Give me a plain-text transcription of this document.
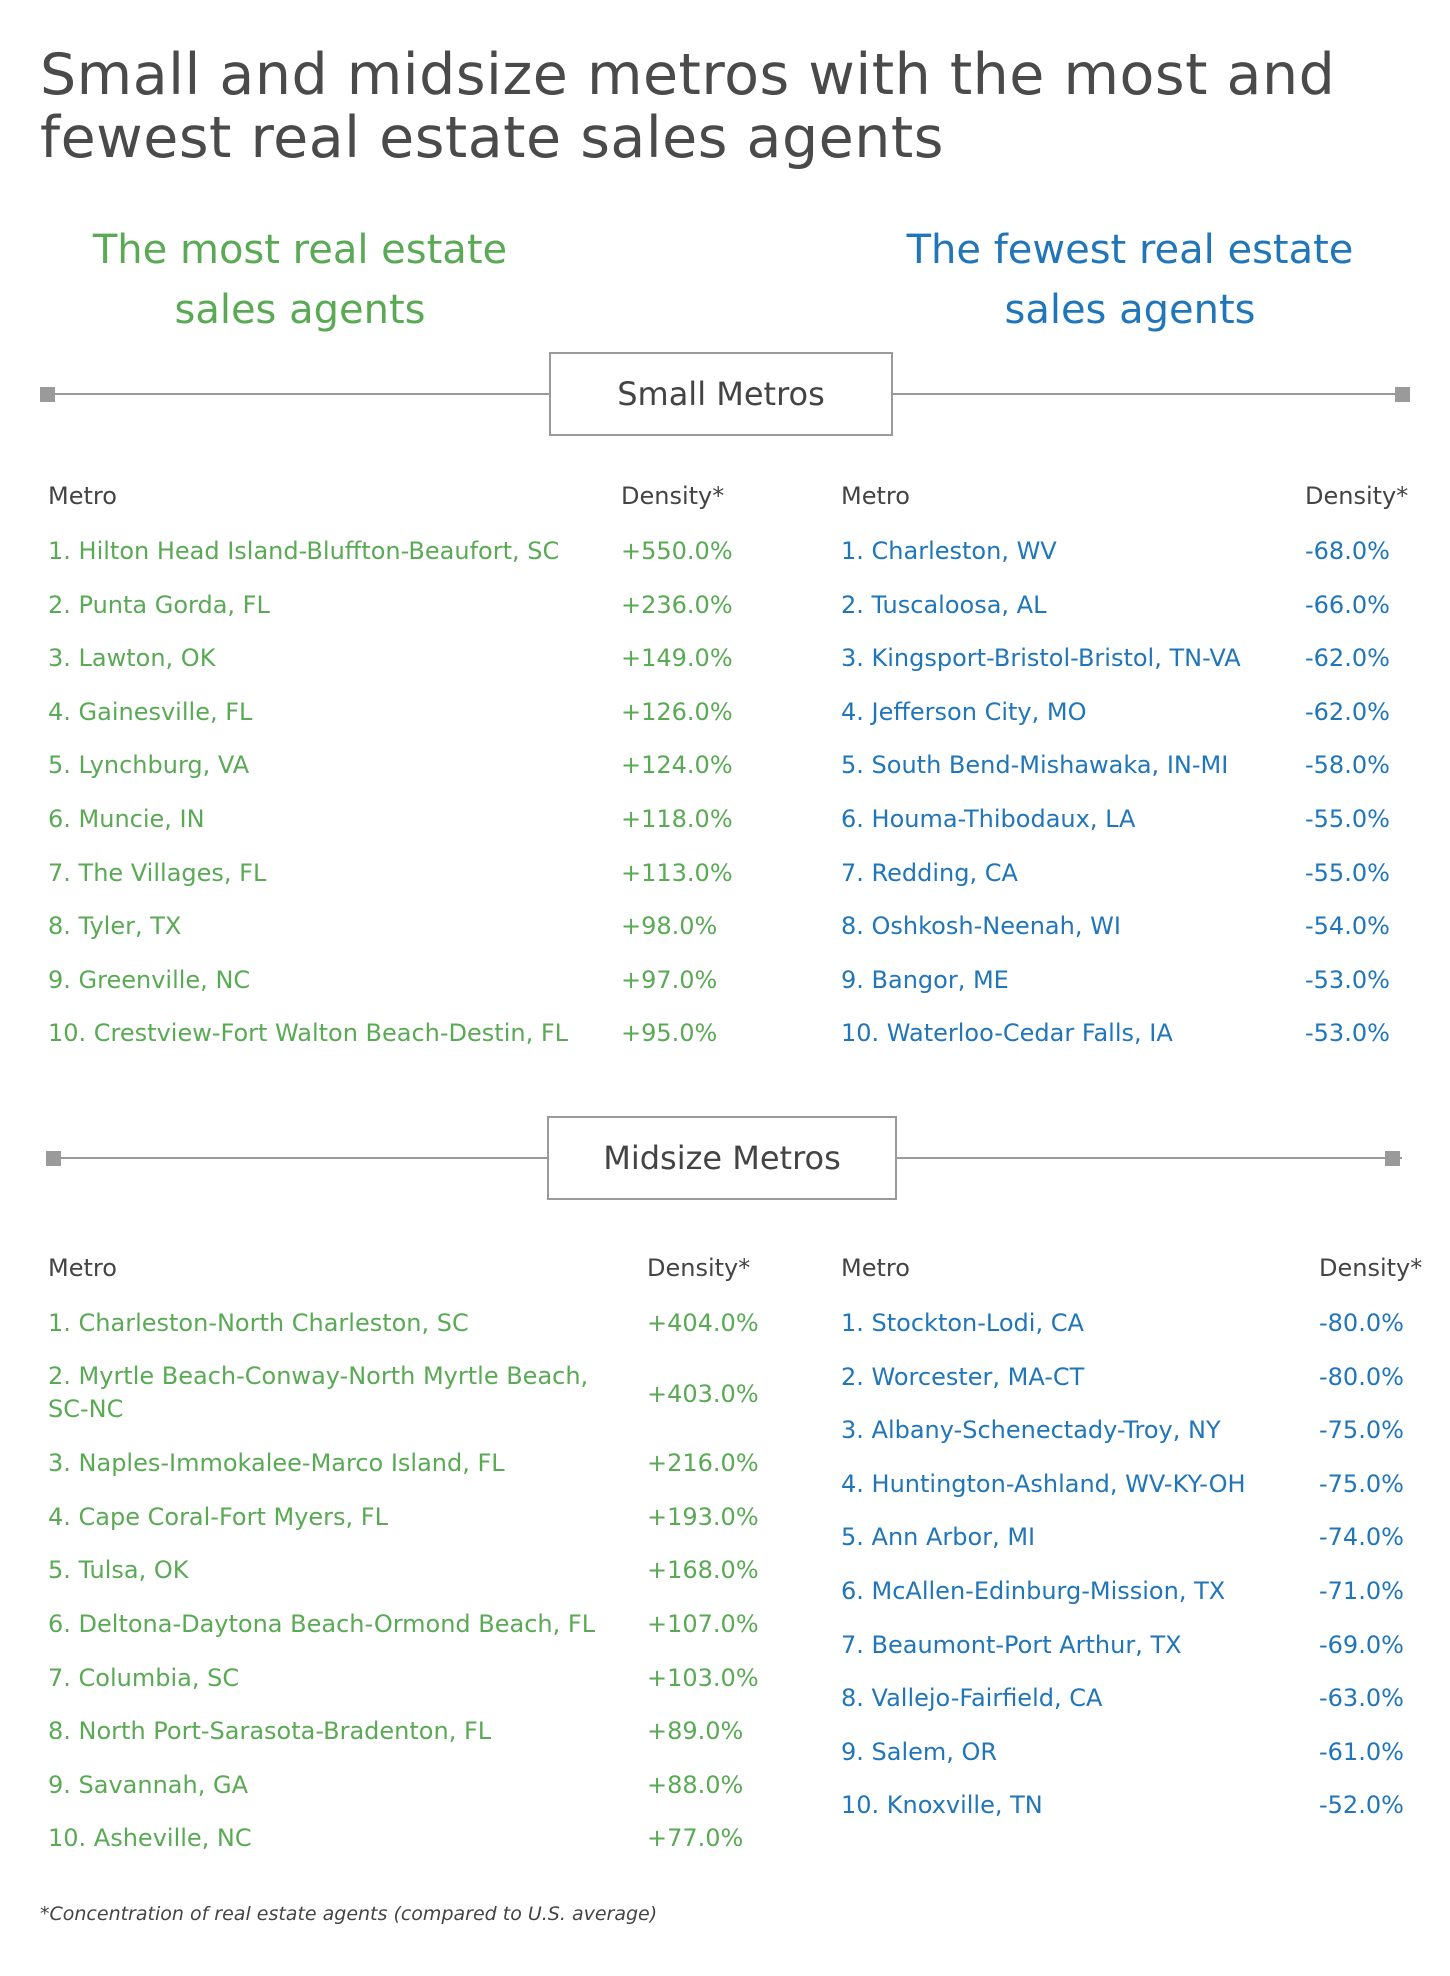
Small and midsize metros with the most and fewest real estate sales agents
The most real estate sales agents
The fewest real estate sales agents
Small Metros
Metro	Density*
1. Hilton Head Island-Bluffton-Beaufort, SC	+550.0%
2. Punta Gorda, FL	+236.0%
3. Lawton, OK	+149.0%
4. Gainesville, FL	+126.0%
5. Lynchburg, VA	+124.0%
6. Muncie, IN	+118.0%
7. The Villages, FL	+113.0%
8. Tyler, TX	+98.0%
9. Greenville, NC	+97.0%
10. Crestview-Fort Walton Beach-Destin, FL +95.0%
Metro	Density*
1. Charleston, WV	-68.0%
2. Tuscaloosa, AL	-66.0%
3. Kingsport-Bristol-Bristol, TN-VA	-62.0%
4. Jefferson City, MO	-62.0%
5. South Bend-Mishawaka, IN-MI	-58.0%
6. Houma-Thibodaux, LA	-55.0%
7. Redding, CA	-55.0%
8. Oshkosh-Neenah, WI	-54.0%
9. Bangor, ME	-53.0%
10. Waterloo-Cedar Falls, IA	-53.0%
Midsize Metros
Metro	Density*
1. Charleston-North Charleston, SC	+404.0%
2. Myrtle Beach-Conway-North Myrtle Beach, SC-NC
+403.0%
3. Naples-Immokalee-Marco Island, FL	+216.0%
4. Cape Coral-Fort Myers, FL	+193.0%
5. Tulsa, OK	+168.0%
6. Deltona-Daytona Beach-Ormond Beach, FL +107.0%
7. Columbia, SC	+103.0%
8. North Port-Sarasota-Bradenton, FL	+89.0%
9. Savannah, GA	+88.0%
10. Asheville, NC	+77.0%
Metro	Density*
1. Stockton-Lodi, CA	-80.0%
2. Worcester, MA-CT	-80.0%
3. Albany-Schenectady-Troy, NY	-75.0%
4. Huntington-Ashland, WV-KY-OH	-75.0%
5. Ann Arbor, MI	-74.0%
6. McAllen-Edinburg-Mission, TX	-71.0%
7. Beaumont-Port Arthur, TX	-69.0%
8. Vallejo-Fairfield, CA	-63.0%
9. Salem, OR	-61.0%
10. Knoxville, TN	-52.0%
*Concentration of real estate agents (compared to U.S. average)
